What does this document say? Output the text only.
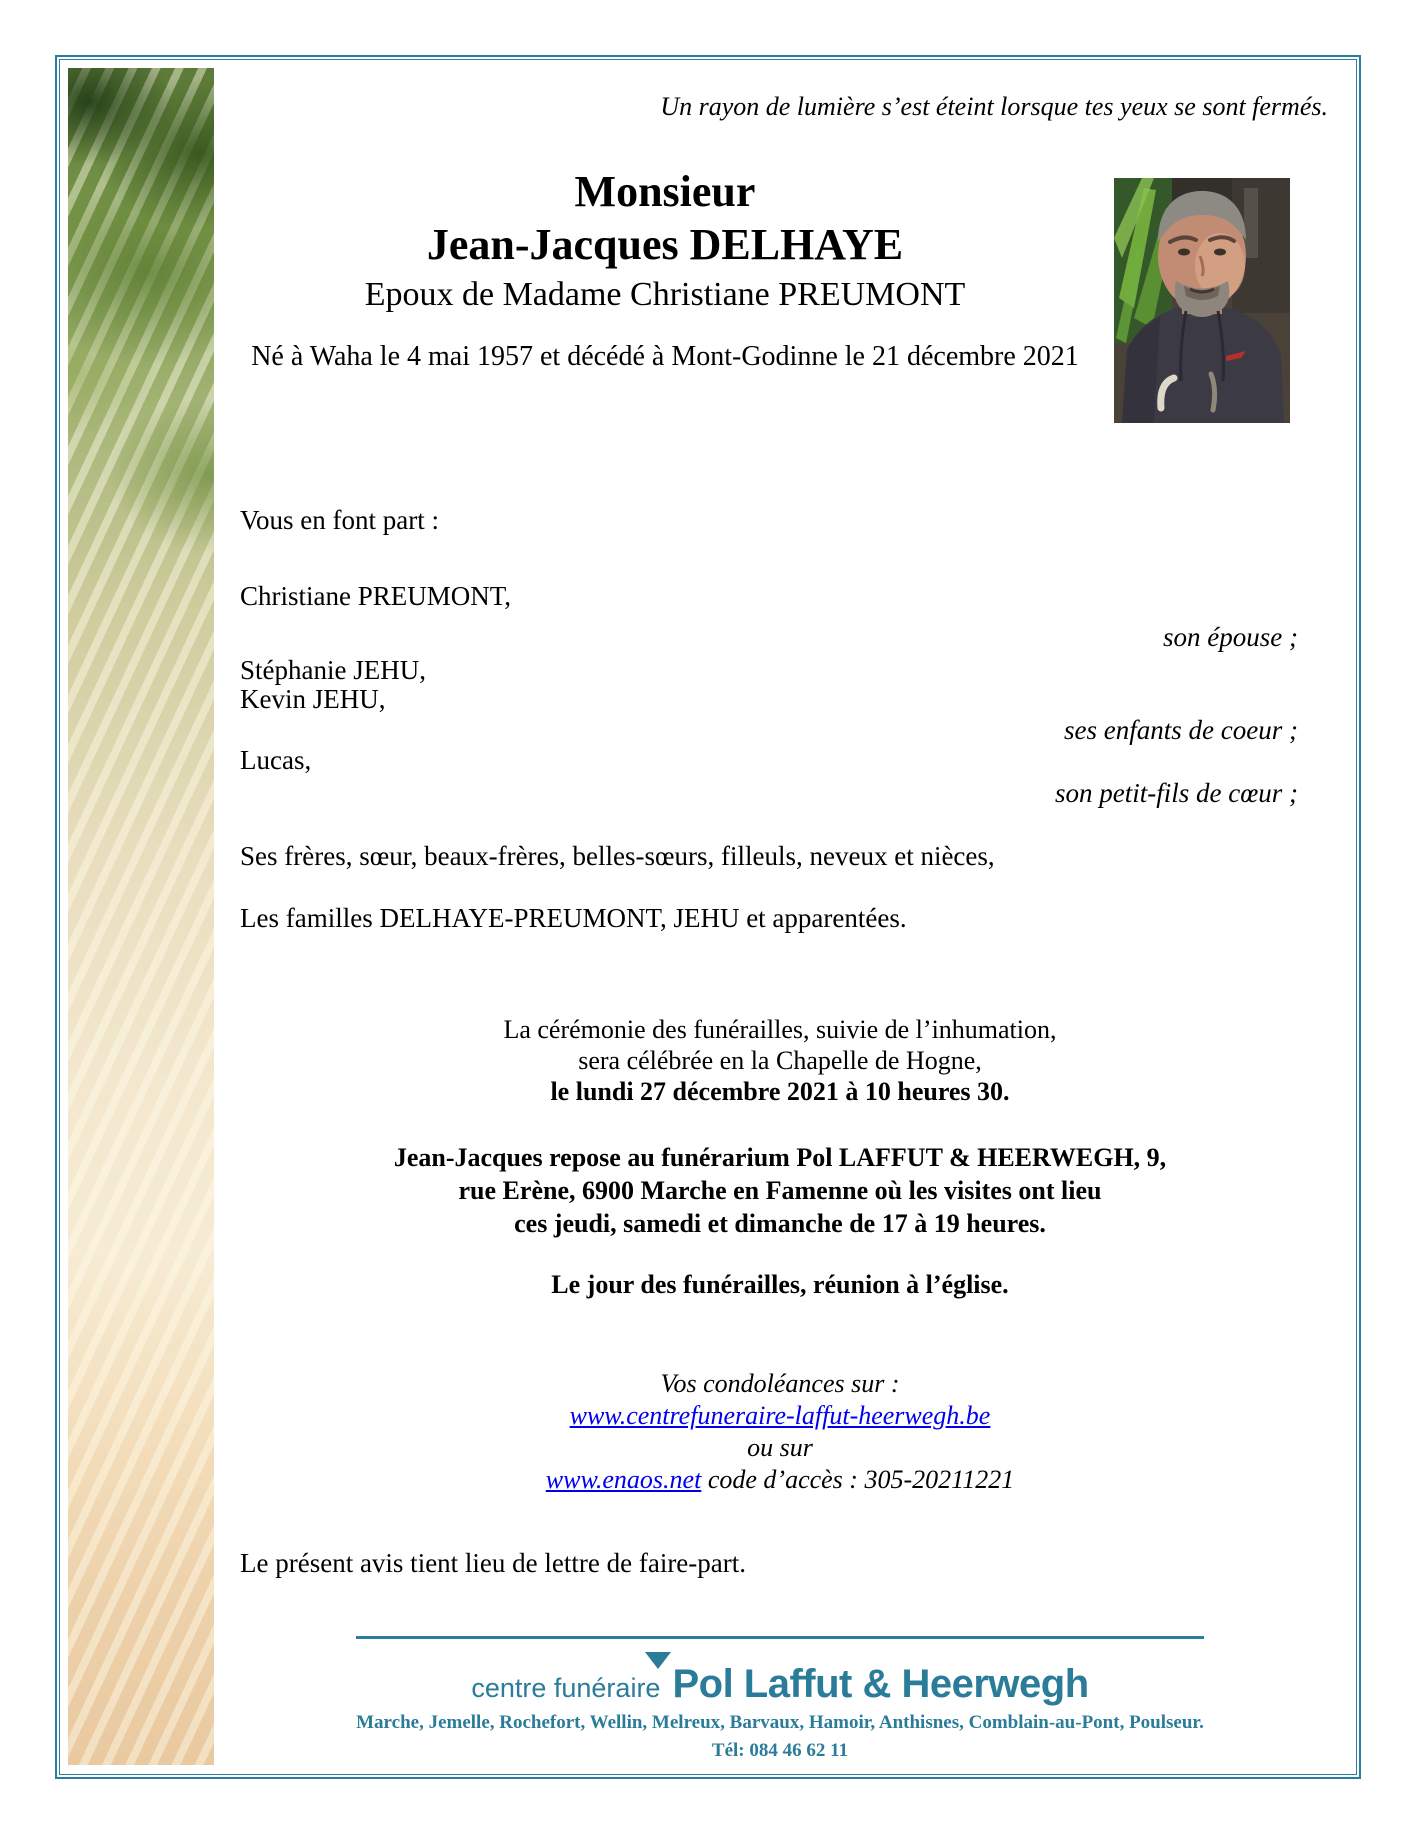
Un rayon de lumière s’est éteint lorsque tes yeux se sont fermés.
Monsieur
Jean-Jacques DELHAYE
Epoux de Madame Christiane PREUMONT
Né à Waha le 4 mai 1957 et décédé à Mont-Godinne le 21 décembre 2021
Vous en font part :
Christiane PREUMONT,
son épouse ;
Stéphanie JEHU,
Kevin JEHU,
ses enfants de coeur ;
Lucas,
son petit-fils de cœur ;
Ses frères, sœur, beaux-frères, belles-sœurs, filleuls, neveux et nièces,
Les familles DELHAYE-PREUMONT, JEHU et apparentées.
La cérémonie des funérailles, suivie de l’inhumation,
sera célébrée en la Chapelle de Hogne,
le lundi 27 décembre 2021 à 10 heures 30.
Jean-Jacques repose au funérarium Pol LAFFUT & HEERWEGH, 9,
rue Erène, 6900 Marche en Famenne où les visites ont lieu
ces jeudi, samedi et dimanche de 17 à 19 heures.
Le jour des funérailles, réunion à l’église.
Vos condoléances sur :
www.centrefuneraire-laffut-heerwegh.be
ou sur
www.enaos.net code d’accès : 305-20211221
Le présent avis tient lieu de lettre de faire-part.
centre funéraire Pol Laffut & Heerwegh
Marche, Jemelle, Rochefort, Wellin, Melreux, Barvaux, Hamoir, Anthisnes, Comblain-au-Pont, Poulseur.
Tél: 084 46 62 11
